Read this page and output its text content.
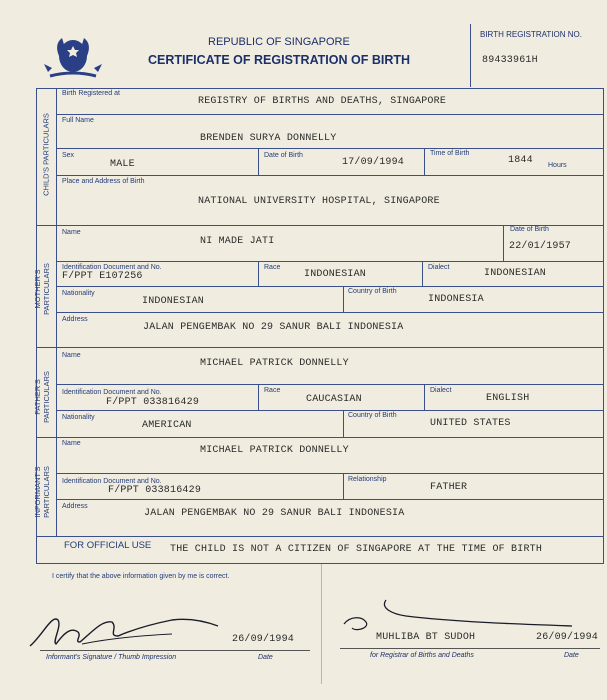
REPUBLIC OF SINGAPORE
CERTIFICATE OF REGISTRATION OF BIRTH
BIRTH REGISTRATION NO.
89433961H
CHILD'S PARTICULARS
MOTHER'S
PARTICULARS
FATHER'S
PARTICULARS
INFORMANT'S
PARTICULARS
Birth Registered at
REGISTRY OF BIRTHS AND DEATHS, SINGAPORE
Full Name
BRENDEN SURYA DONNELLY
Sex
MALE
Date of Birth
17/09/1994
Time of Birth
1844 Hours
Place and Address of Birth
NATIONAL UNIVERSITY HOSPITAL, SINGAPORE
Name
NI MADE JATI
Date of Birth
22/01/1957
Identification Document and No.
F/PPT E107256
Race
INDONESIAN
Dialect
INDONESIAN
Nationality
INDONESIAN
Country of Birth
INDONESIA
Address
JALAN PENGEMBAK NO 29 SANUR BALI INDONESIA
Name
MICHAEL PATRICK DONNELLY
Identification Document and No.
F/PPT 033816429
Race
CAUCASIAN
Dialect
ENGLISH
Nationality
AMERICAN
Country of Birth
UNITED STATES
Name
MICHAEL PATRICK DONNELLY
Identification Document and No.
F/PPT 033816429
Relationship
FATHER
Address
JALAN PENGEMBAK NO 29 SANUR BALI INDONESIA
FOR OFFICIAL USE THE CHILD IS NOT A CITIZEN OF SINGAPORE AT THE TIME OF BIRTH
I certify that the above information given by me is correct.
26/09/1994
Informant's Signature / Thumb Impression	Date
MUHLIBA BT SUDOH	26/09/1994
for Registrar of Births and Deaths	Date
